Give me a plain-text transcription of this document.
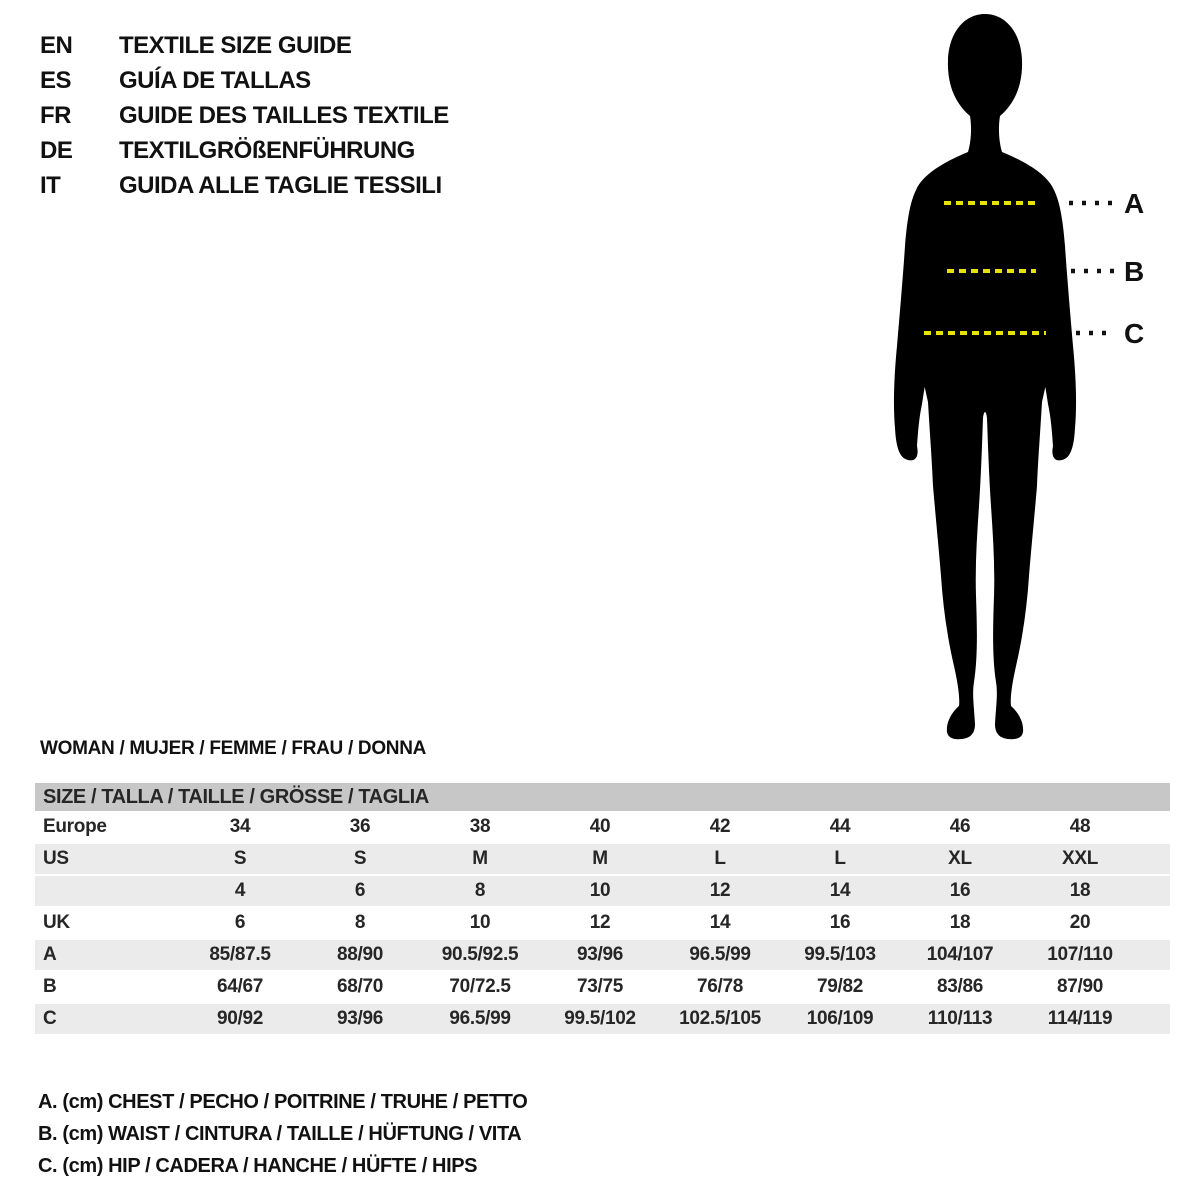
EN	TEXTILE SIZE GUIDE
ES	GUÍA DE TALLAS
FR	GUIDE DES TAILLES TEXTILE
DE	TEXTILGRÖßENFÜHRUNG
IT	GUIDA ALLE TAGLIE TESSILI
A
B
C
WOMAN / MUJER / FEMME / FRAU / DONNA
SIZE / TALLA / TAILLE / GRÖSSE / TAGLIA
Europe	34	36	38	40	42	44	46	48	
US	S	S	M	M	L	L	XL	XXL	
	4	6	8	10	12	14	16	18	
UK	6	8	10	12	14	16	18	20	
A	85/87.5	88/90	90.5/92.5	93/96	96.5/99	99.5/103	104/107	107/110	
B	64/67	68/70	70/72.5	73/75	76/78	79/82	83/86	87/90	
C	90/92	93/96	96.5/99	99.5/102	102.5/105	106/109	110/113	114/119	
A. (cm) CHEST / PECHO / POITRINE / TRUHE / PETTO
B. (cm) WAIST / CINTURA / TAILLE / HÜFTUNG / VITA
C. (cm) HIP / CADERA / HANCHE / HÜFTE / HIPS
